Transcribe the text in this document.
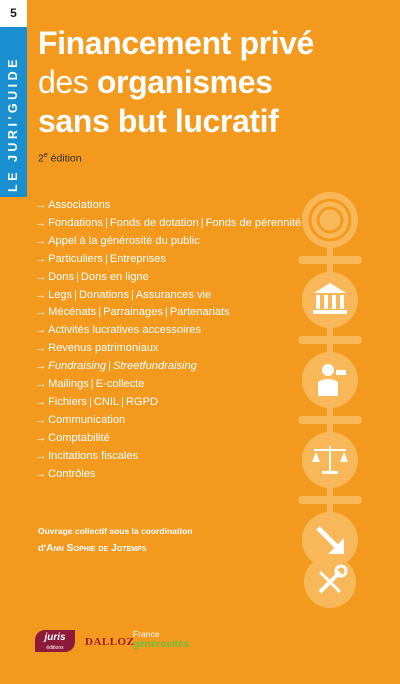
5
LE JURI'GUIDE
Financement privé
des organismes
sans but lucratif
2e édition
→ Associations
→ Fondations | Fonds de dotation | Fonds de pérennité
→ Appel à la générosité du public
→ Particuliers | Entreprises
→ Dons | Dons en ligne
→ Legs | Donations | Assurances vie
→ Mécénats | Parrainages | Partenariats
→ Activités lucratives accessoires
→ Revenus patrimoniaux
→ Fundraising | Streetfundraising
→ Mailings | E-collecte
→ Fichiers | CNIL | RGPD
→ Communication
→ Comptabilité
→ Incitations fiscales
→ Contrôles
Ouvrage collectif sous la coordination
d'Ann Sophie de Jotemps
juris
éditions	DALLOZ
France
générosités
